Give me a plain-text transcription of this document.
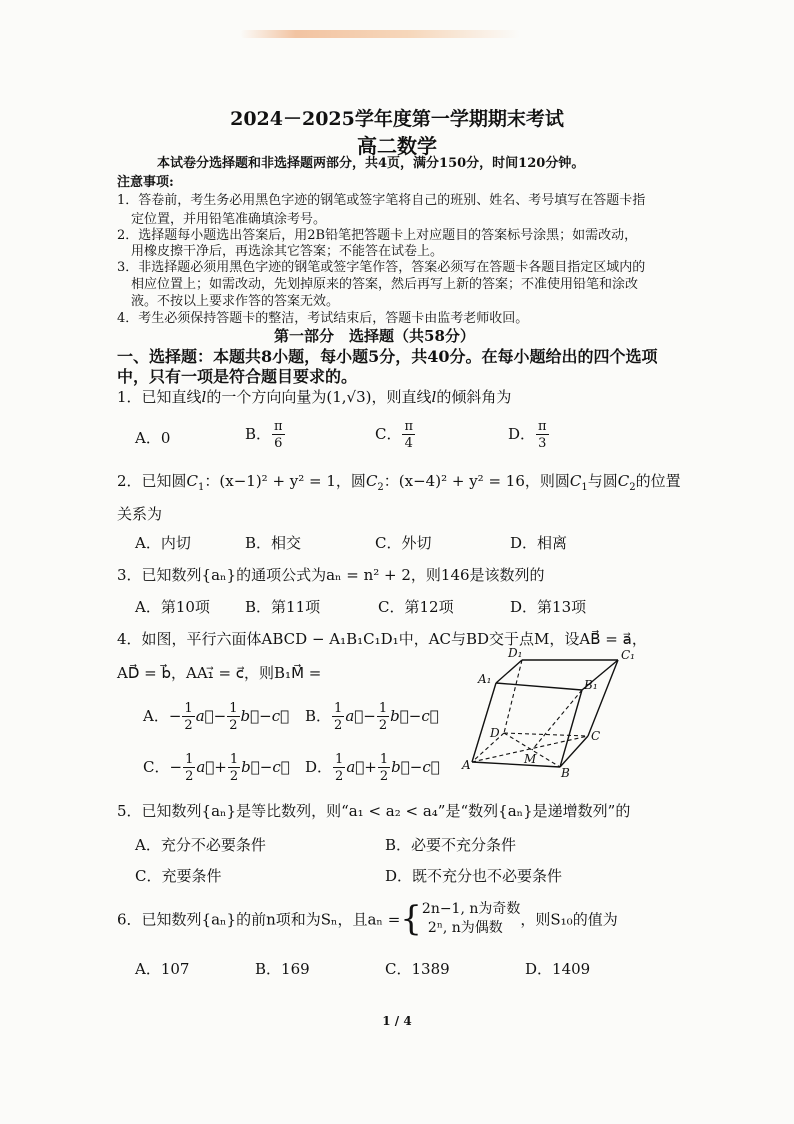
2024－2025学年度第一学期期末考试
高二数学
本试卷分选择题和非选择题两部分，共4页，满分150分，时间120分钟。
注意事项:
1．答卷前，考生务必用黑色字迹的钢笔或签字笔将自己的班别、姓名、考号填写在答题卡指
定位置，并用铅笔准确填涂考号。
2．选择题每小题选出答案后，用2B铅笔把答题卡上对应题目的答案标号涂黑；如需改动，
用橡皮擦干净后，再选涂其它答案；不能答在试卷上。
3．非选择题必须用黑色字迹的钢笔或签字笔作答，答案必须写在答题卡各题目指定区域内的
相应位置上；如需改动，先划掉原来的答案，然后再写上新的答案；不准使用铅笔和涂改
液。不按以上要求作答的答案无效。
4．考生必须保持答题卡的整洁，考试结束后，答题卡由监考老师收回。
第一部分　选择题（共58分）
一、选择题：本题共8小题，每小题5分，共40分。在每小题给出的四个选项
中，只有一项是符合题目要求的。
1．已知直线l的一个方向向量为(1,√3)，则直线l的倾斜角为
A．0	B． $\frac{\pi}{6}$	C． $\frac{\pi}{4}$	D． $\frac{\pi}{3}$
2．已知圆$C_1$：(x−1)² + y² = 1，圆$C_2$：(x−4)² + y² = 16，则圆$C_1$与圆$C_2$的位置
关系为
A．内切	B．相交	C．外切	D．相离
3．已知数列{aₙ}的通项公式为aₙ = n² + 2，则146是该数列的
A．第10项 B．第11项	C．第12项	D．第13项
4．如图，平行六面体ABCD − A₁B₁C₁D₁中，AC与BD交于点M，设AB⃗ = a⃗，
AD⃗ = b⃗，AA₁⃗ = c⃗，则B₁M⃗ =
A．− $\frac{1}{2}$ a⃗− $\frac{1}{2}$ b⃗−c⃗ B． $\frac{1}{2}$ a⃗− $\frac{1}{2}$ b⃗−c⃗
C．− $\frac{1}{2}$ a⃗+ $\frac{1}{2}$ b⃗−c⃗ D． $\frac{1}{2}$ a⃗+ $\frac{1}{2}$ b⃗−c⃗
D₁	C₁
A₁	B₁
D	C
A	M
B
5．已知数列{aₙ}是等比数列，则“a₁ < a₂ < a₄”是“数列{aₙ}是递增数列”的
A．充分不必要条件	B．必要不充分条件
C．充要条件	D．既不充分也不必要条件
6．已知数列{aₙ}的前n项和为Sₙ，且aₙ ={ 2n−1, n为奇数
2ⁿ, n为偶数	，则S₁₀的值为
A．107	B．169	C．1389	D．1409
1 / 4
